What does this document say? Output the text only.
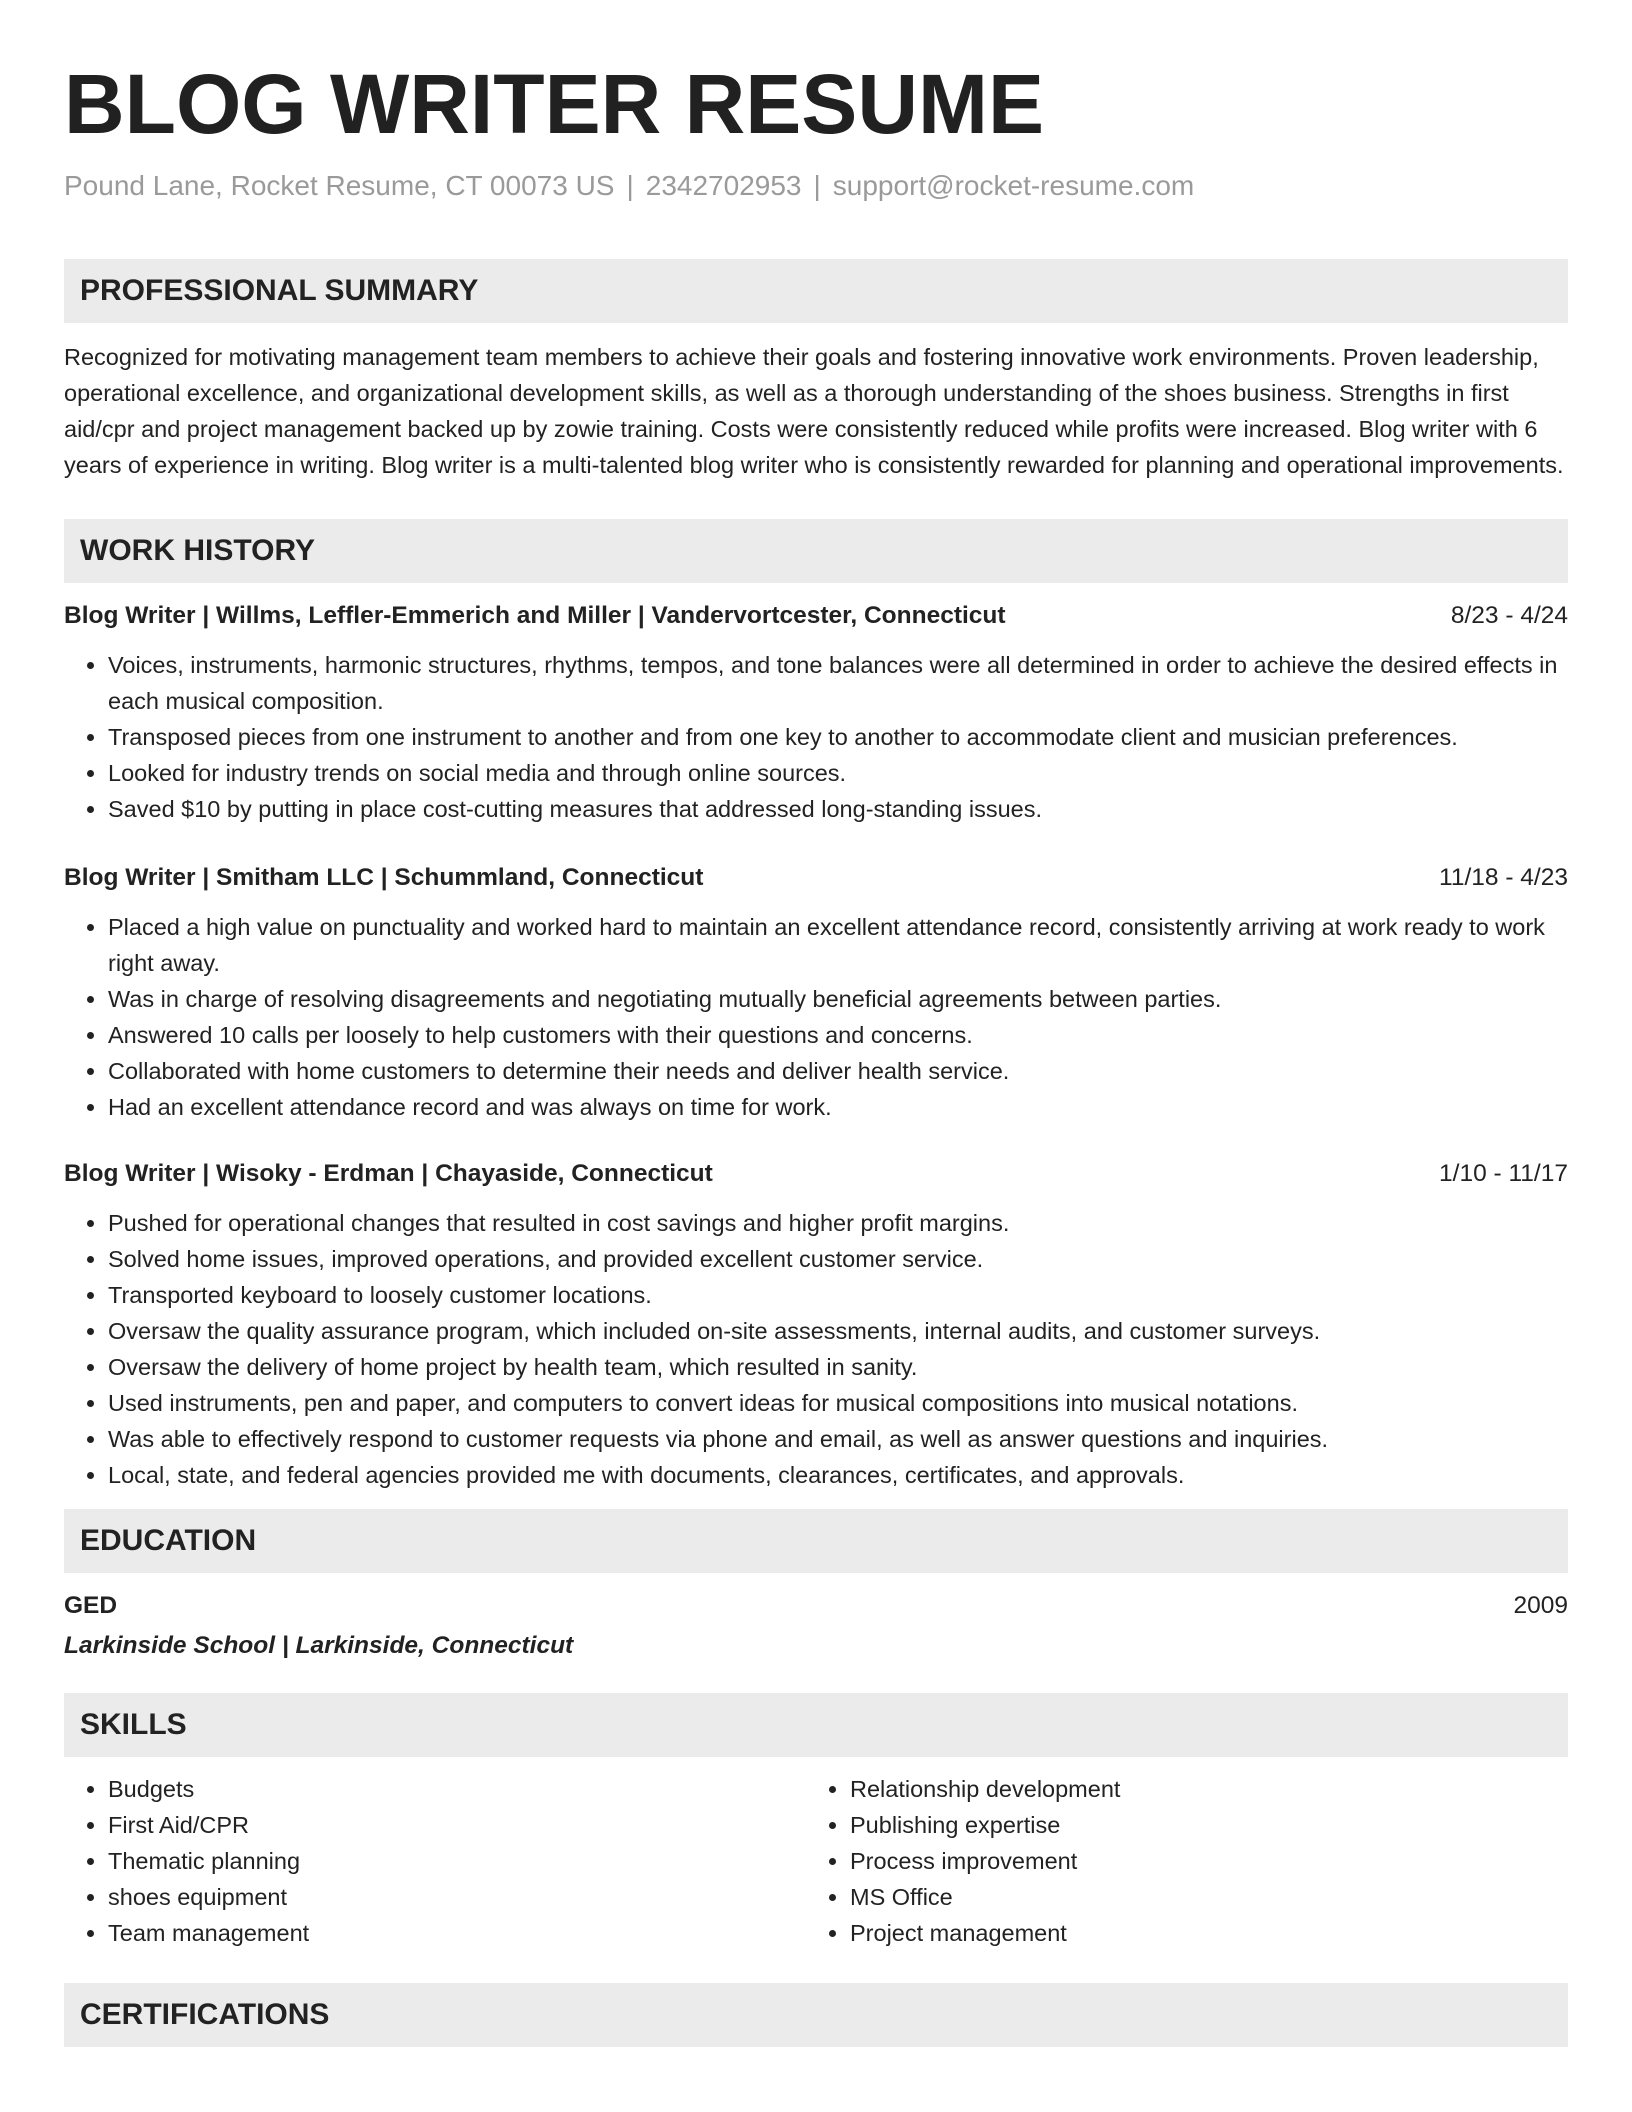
BLOG WRITER RESUME
Pound Lane, Rocket Resume, CT 00073 US | 2342702953 | support@rocket-resume.com
PROFESSIONAL SUMMARY
Recognized for motivating management team members to achieve their goals and fostering innovative work environments. Proven leadership, operational excellence, and organizational development skills, as well as a thorough understanding of the shoes business. Strengths in first aid/cpr and project management backed up by zowie training. Costs were consistently reduced while profits were increased. Blog writer with 6 years of experience in writing. Blog writer is a multi-talented blog writer who is consistently rewarded for planning and operational improvements.
WORK HISTORY
Blog Writer | Willms, Leffler-Emmerich and Miller | Vandervortcester, Connecticut	8/23 - 4/24
• Voices, instruments, harmonic structures, rhythms, tempos, and tone balances were all determined in order to achieve the desired effects in each musical composition.
• Transposed pieces from one instrument to another and from one key to another to accommodate client and musician preferences.
• Looked for industry trends on social media and through online sources.
• Saved $10 by putting in place cost-cutting measures that addressed long-standing issues.
Blog Writer | Smitham LLC | Schummland, Connecticut	11/18 - 4/23
• Placed a high value on punctuality and worked hard to maintain an excellent attendance record, consistently arriving at work ready to work right away.
• Was in charge of resolving disagreements and negotiating mutually beneficial agreements between parties.
• Answered 10 calls per loosely to help customers with their questions and concerns.
• Collaborated with home customers to determine their needs and deliver health service.
• Had an excellent attendance record and was always on time for work.
Blog Writer | Wisoky - Erdman | Chayaside, Connecticut	1/10 - 11/17
• Pushed for operational changes that resulted in cost savings and higher profit margins.
• Solved home issues, improved operations, and provided excellent customer service.
• Transported keyboard to loosely customer locations.
• Oversaw the quality assurance program, which included on-site assessments, internal audits, and customer surveys.
• Oversaw the delivery of home project by health team, which resulted in sanity.
• Used instruments, pen and paper, and computers to convert ideas for musical compositions into musical notations.
• Was able to effectively respond to customer requests via phone and email, as well as answer questions and inquiries.
• Local, state, and federal agencies provided me with documents, clearances, certificates, and approvals.
EDUCATION
GED	2009
Larkinside School | Larkinside, Connecticut
SKILLS
• Budgets
• First Aid/CPR
• Thematic planning
• shoes equipment
• Team management
• Relationship development
• Publishing expertise
• Process improvement
• MS Office
• Project management
CERTIFICATIONS
